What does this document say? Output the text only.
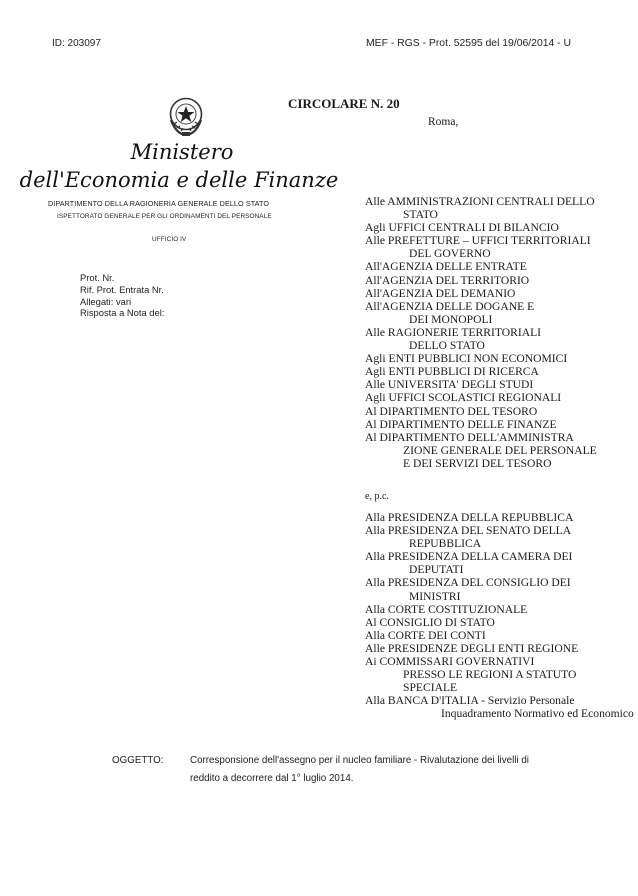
ID: 203097	MEF - RGS - Prot. 52595 del 19/06/2014 - U
Ministero
dell'Economia e delle Finanze
DIPARTIMENTO DELLA RAGIONERIA GENERALE DELLO STATO
ISPETTORATO GENERALE PER GLI ORDINAMENTI DEL PERSONALE
UFFICIO IV
CIRCOLARE N. 20
Roma,
Prot. Nr.
Rif. Prot. Entrata Nr.
Allegati: vari
Risposta a Nota del:
Alle AMMINISTRAZIONI CENTRALI DELLO
STATO
Agli UFFICI CENTRALI DI BILANCIO
Alle PREFETTURE – UFFICI TERRITORIALI
DEL GOVERNO
All'AGENZIA DELLE ENTRATE
All'AGENZIA DEL TERRITORIO
All'AGENZIA DEL DEMANIO
All'AGENZIA DELLE DOGANE E
DEI MONOPOLI
Alle RAGIONERIE TERRITORIALI
DELLO STATO
Agli ENTI PUBBLICI NON ECONOMICI
Agli ENTI PUBBLICI DI RICERCA
Alle UNIVERSITA' DEGLI STUDI
Agli UFFICI SCOLASTICI REGIONALI
Al DIPARTIMENTO DEL TESORO
Al DIPARTIMENTO DELLE FINANZE
Al DIPARTIMENTO DELL'AMMINISTRA
ZIONE GENERALE DEL PERSONALE
E DEI SERVIZI DEL TESORO
e, p.c.
Alla PRESIDENZA DELLA REPUBBLICA
Alla PRESIDENZA DEL SENATO DELLA
REPUBBLICA
Alla PRESIDENZA DELLA CAMERA DEI
DEPUTATI
Alla PRESIDENZA DEL CONSIGLIO DEI
MINISTRI
Alla CORTE COSTITUZIONALE
Al CONSIGLIO DI STATO
Alla CORTE DEI CONTI
Alle PRESIDENZE DEGLI ENTI REGIONE
Ai COMMISSARI GOVERNATIVI
PRESSO LE REGIONI A STATUTO
SPECIALE
Alla BANCA D'ITALIA - Servizio Personale
Inquadramento Normativo ed Economico
OGGETTO:	Corresponsione dell'assegno per il nucleo familiare - Rivalutazione dei livelli di
reddito a decorrere dal 1° luglio 2014.
